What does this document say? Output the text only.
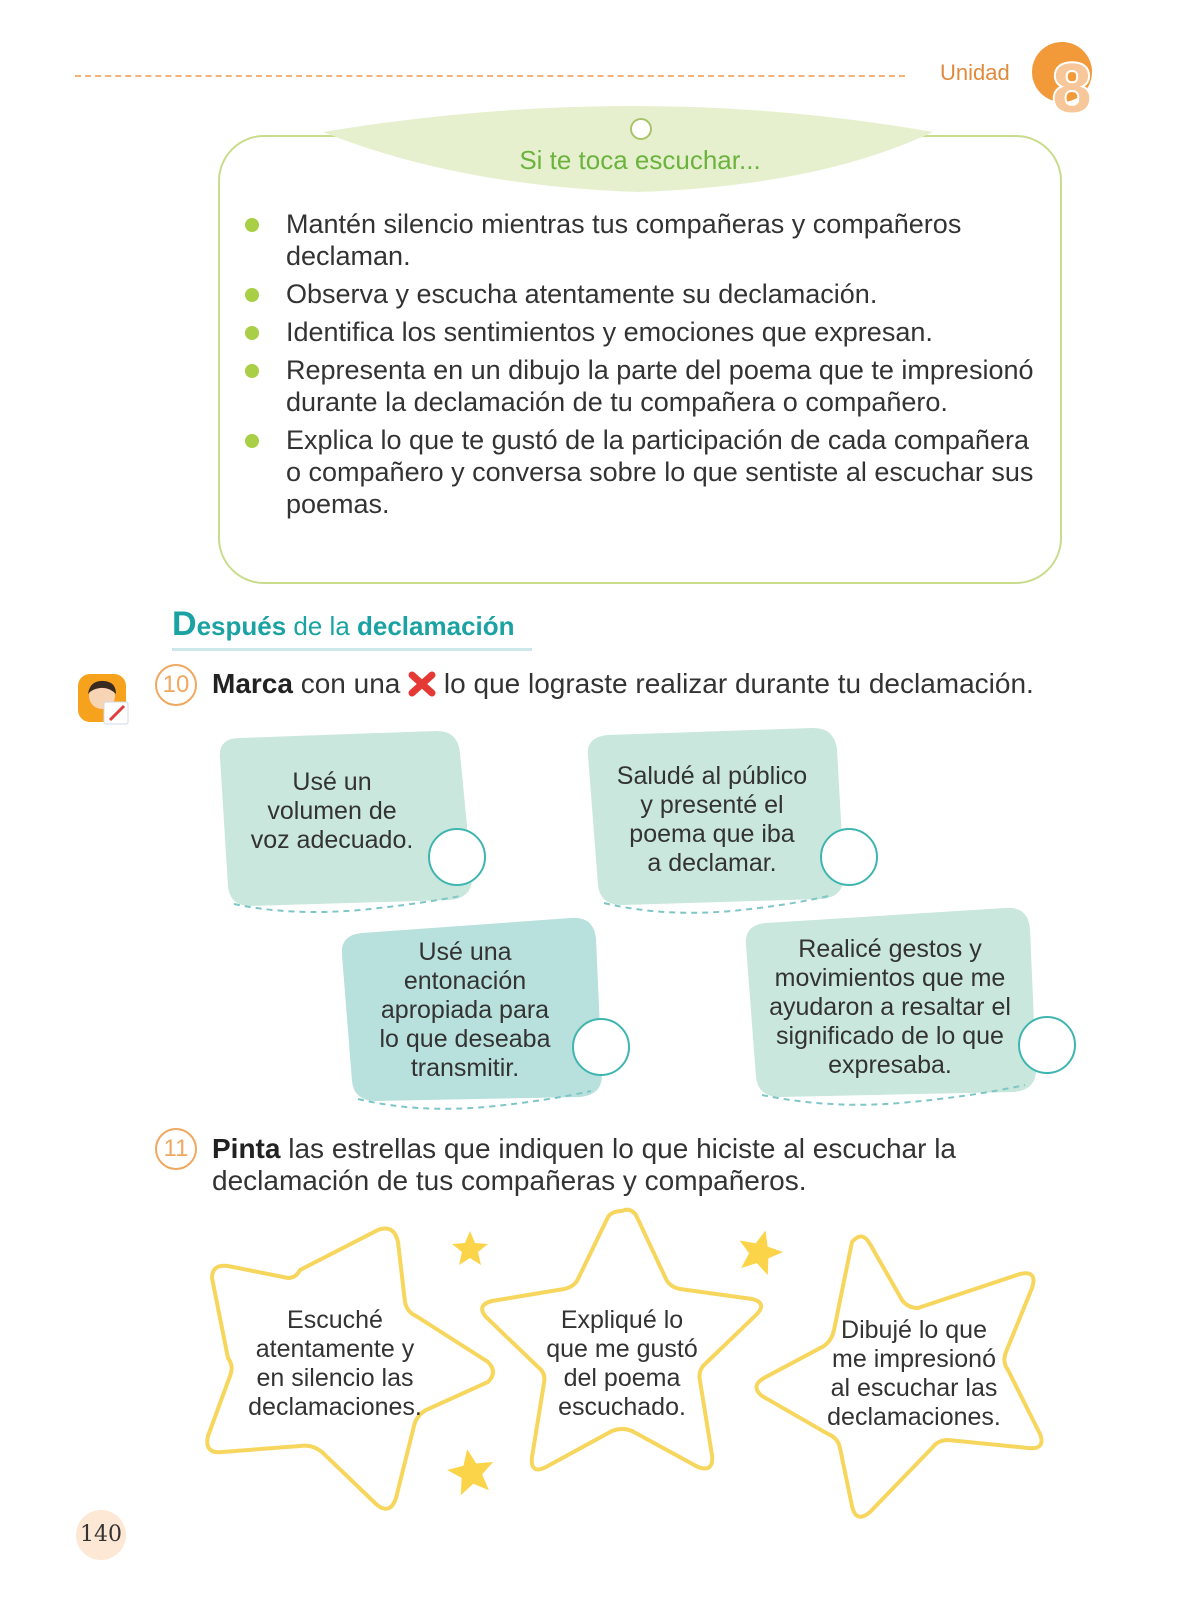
Unidad 8
Si te toca escuchar...
Mantén silencio mientras tus compañeras y compañeros declaman.
Observa y escucha atentamente su declamación.
Identifica los sentimientos y emociones que expresan.
Representa en un dibujo la parte del poema que te impresionó durante la declamación de tu compañera o compañero.
Explica lo que te gustó de la participación de cada compañera o compañero y conversa sobre lo que sentiste al escuchar sus poemas.
Después de la declamación
10 Marca con una  lo que lograste realizar durante tu declamación.
Usé un
volumen de
voz adecuado.
Saludé al público
y presenté el
poema que iba
a declamar.
Usé una
entonación
apropiada para
lo que deseaba
transmitir.
Realicé gestos y
movimientos que me
ayudaron a resaltar el
significado de lo que
expresaba.
11 Pinta las estrellas que indiquen lo que hiciste al escuchar la
declamación de tus compañeras y compañeros.
Escuché
atentamente y
en silencio las
declamaciones.
Expliqué lo
que me gustó
del poema
escuchado.
Dibujé lo que
me impresionó
al escuchar las
declamaciones.
140
